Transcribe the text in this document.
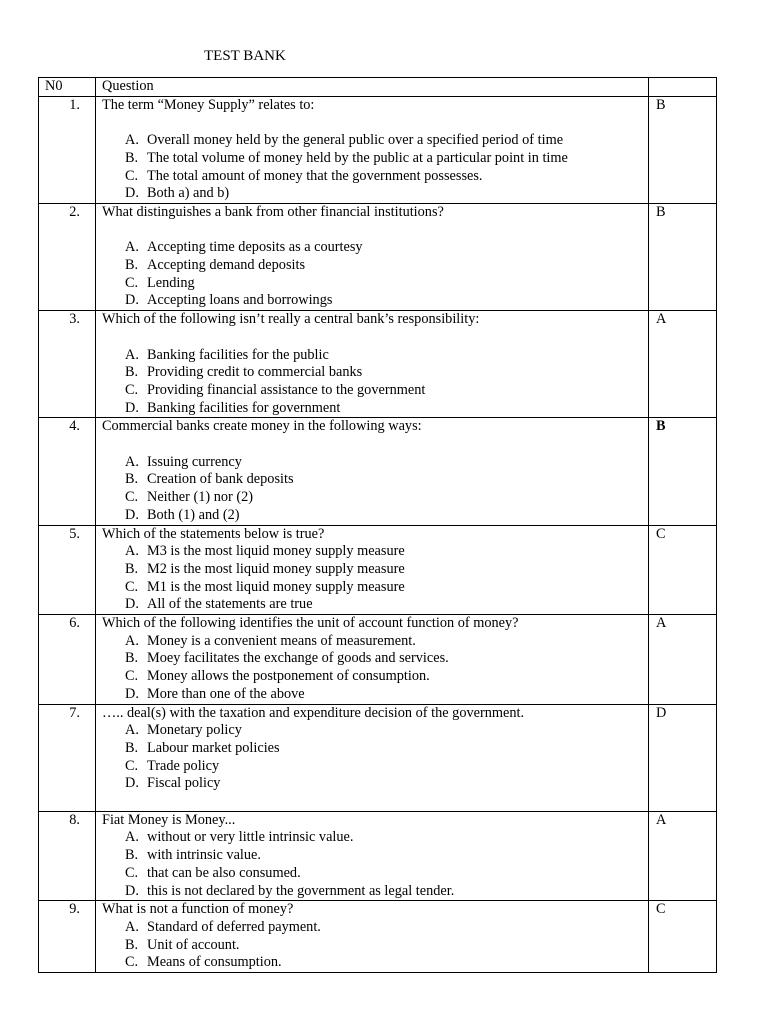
TEST BANK
N0	Question	
1.	The term “Money Supply” relates to:
A. Overall money held by the general public over a specified period of time
B. The total volume of money held by the public at a particular point in time
C. The total amount of money that the government possesses.
D. Both a) and b)	B
2.	What distinguishes a bank from other financial institutions?
A. Accepting time deposits as a courtesy
B. Accepting demand deposits
C. Lending
D. Accepting loans and borrowings	B
3.	Which of the following isn’t really a central bank’s responsibility:
A. Banking facilities for the public
B. Providing credit to commercial banks
C. Providing financial assistance to the government
D. Banking facilities for government	A
4.	Commercial banks create money in the following ways:
A. Issuing currency
B. Creation of bank deposits
C. Neither (1) nor (2)
D. Both (1) and (2)	B
5.	Which of the statements below is true?
A. M3 is the most liquid money supply measure
B. M2 is the most liquid money supply measure
C. M1 is the most liquid money supply measure
D. All of the statements are true	C
6.	Which of the following identifies the unit of account function of money?
A. Money is a convenient means of measurement.
B. Moey facilitates the exchange of goods and services.
C. Money allows the postponement of consumption.
D. More than one of the above	A
7.	….. deal(s) with the taxation and expenditure decision of the government.
A. Monetary policy
B. Labour market policies
C. Trade policy
D. Fiscal policy	D
8.	Fiat Money is Money...
A. without or very little intrinsic value.
B. with intrinsic value.
C. that can be also consumed.
D. this is not declared by the government as legal tender.	A
9.	What is not a function of money?
A. Standard of deferred payment.
B. Unit of account.
C. Means of consumption.	C
